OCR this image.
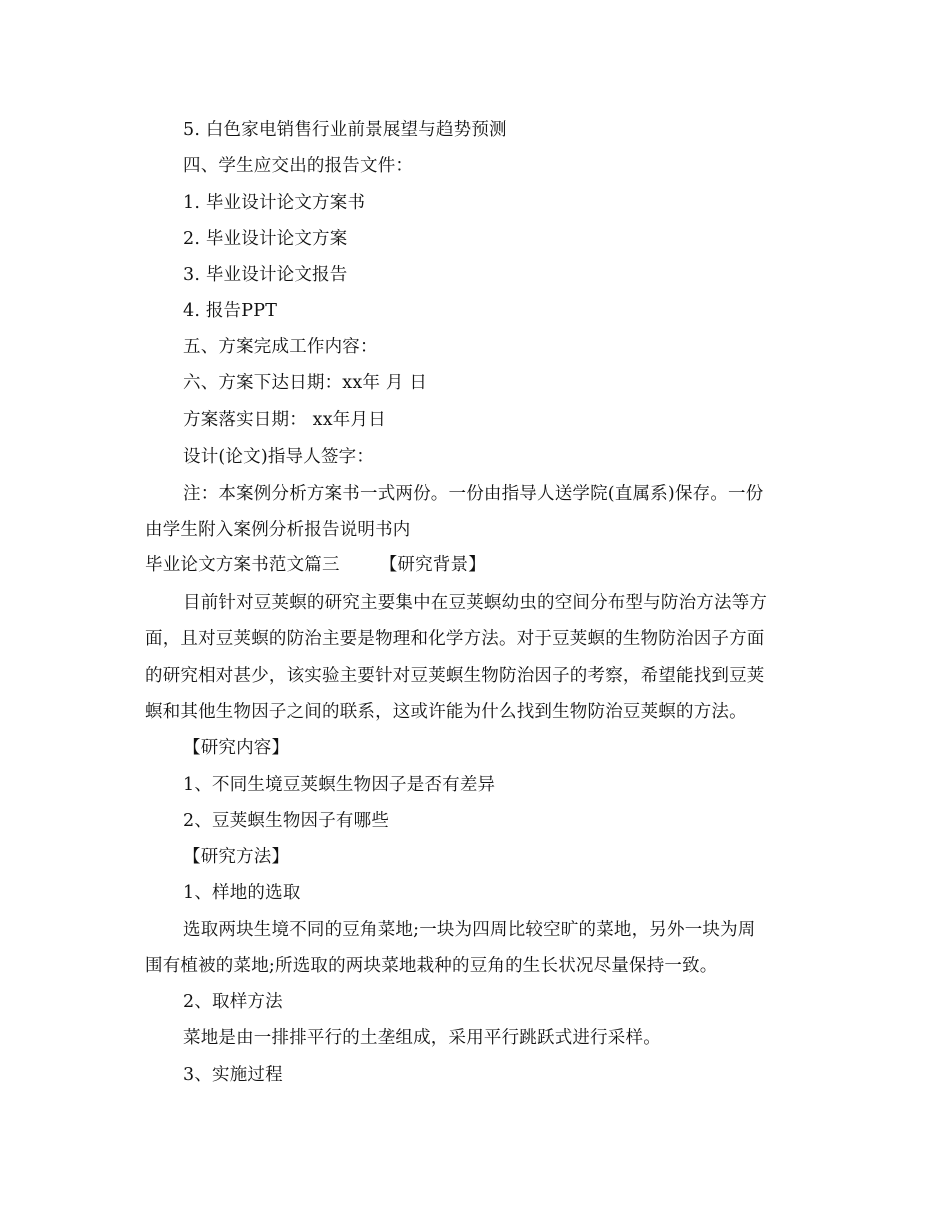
5. 白色家电销售行业前景展望与趋势预测
四、学生应交出的报告文件：
1. 毕业设计论文方案书
2. 毕业设计论文方案
3. 毕业设计论文报告
4. 报告PPT
五、方案完成工作内容：
六、方案下达日期：xx年 月 日
方案落实日期： xx年月日
设计(论文)指导人签字：
注：本案例分析方案书一式两份。一份由指导人送学院(直属系)保存。一份
由学生附入案例分析报告说明书内
毕业论文方案书范文篇三 【研究背景】
目前针对豆荚螟的研究主要集中在豆荚螟幼虫的空间分布型与防治方法等方
面，且对豆荚螟的防治主要是物理和化学方法。对于豆荚螟的生物防治因子方面
的研究相对甚少，该实验主要针对豆荚螟生物防治因子的考察，希望能找到豆荚
螟和其他生物因子之间的联系，这或许能为什么找到生物防治豆荚螟的方法。
【研究内容】
1、不同生境豆荚螟生物因子是否有差异
2、豆荚螟生物因子有哪些
【研究方法】
1、样地的选取
选取两块生境不同的豆角菜地;一块为四周比较空旷的菜地，另外一块为周
围有植被的菜地;所选取的两块菜地栽种的豆角的生长状况尽量保持一致。
2、取样方法
菜地是由一排排平行的土垄组成，采用平行跳跃式进行采样。
3、实施过程
